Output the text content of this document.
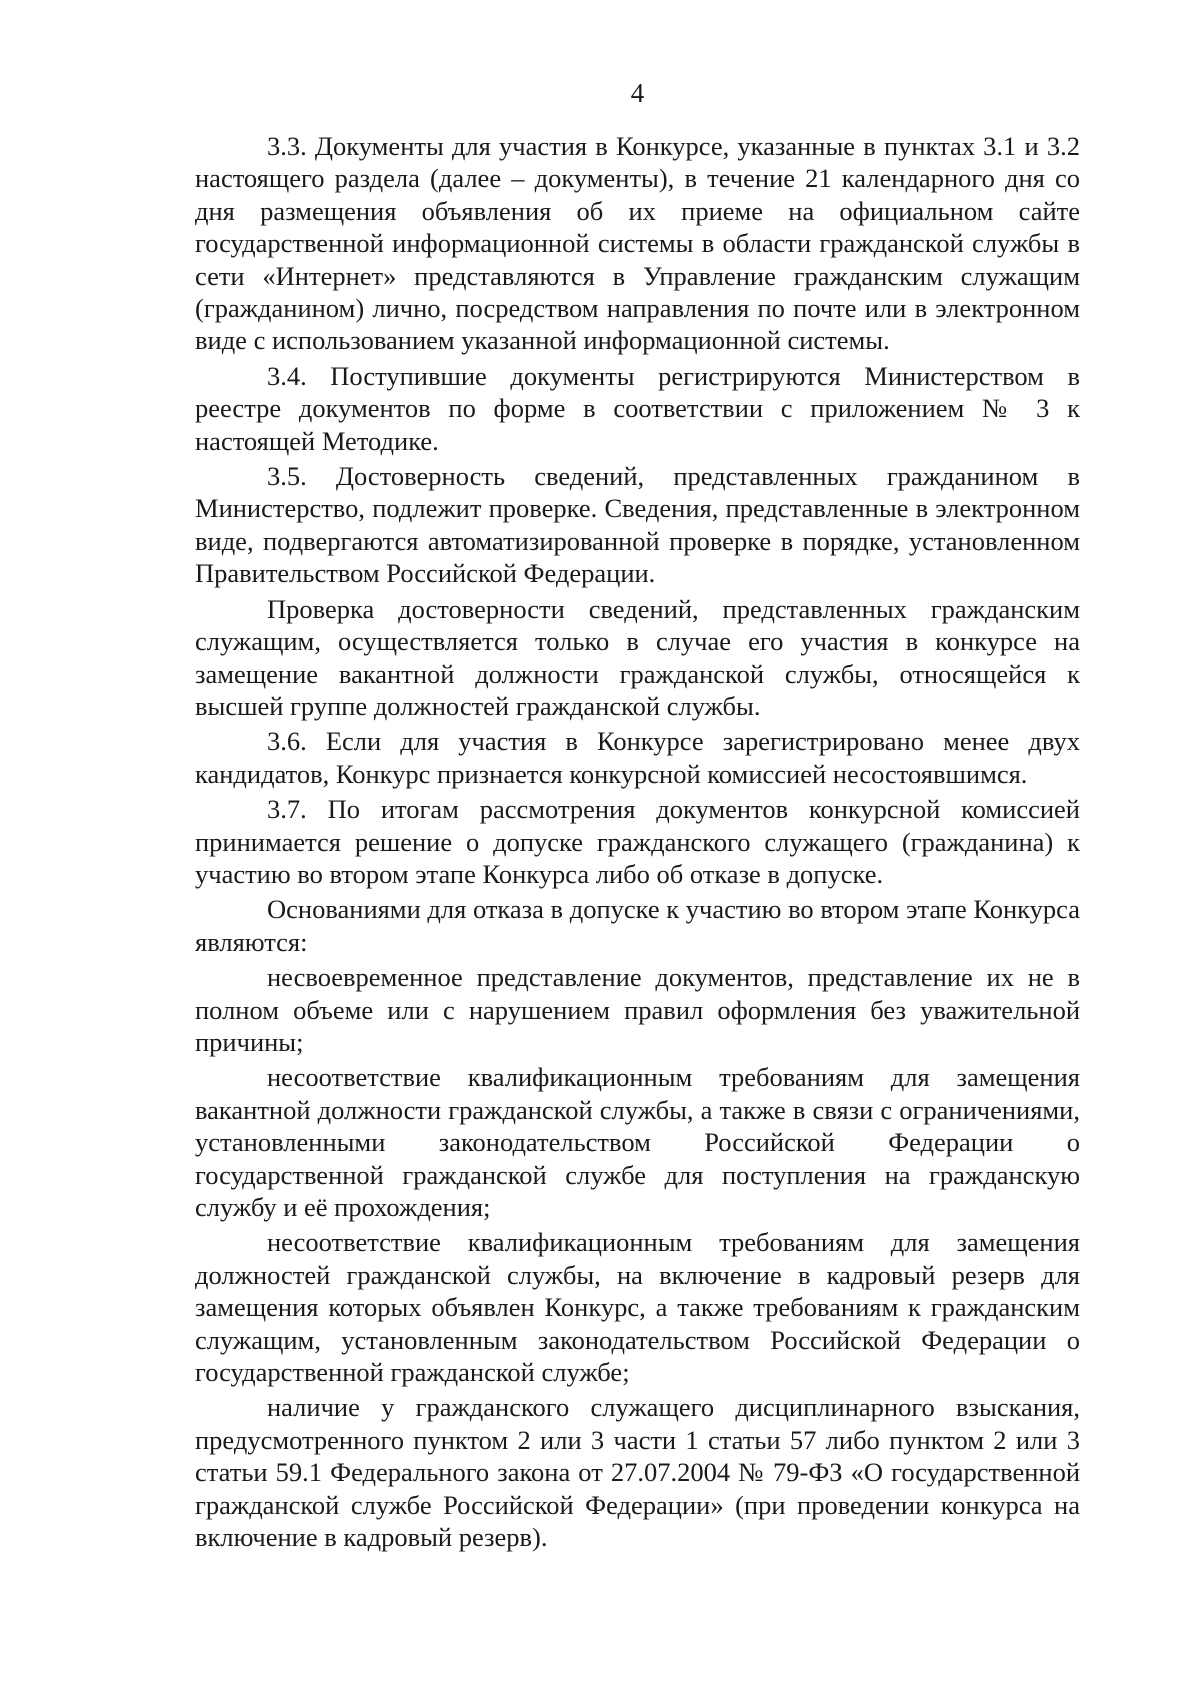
4

3.3. Документы для участия в Конкурсе, указанные в пунктах 3.1 и 3.2 настоящего раздела (далее – документы), в течение 21 календарного дня со дня размещения объявления об их приеме на официальном сайте государственной информационной системы в области гражданской службы в сети «Интернет» представляются в Управление гражданским служащим (гражданином) лично, посредством направления по почте или в электронном виде с использованием указанной информационной системы.

3.4. Поступившие документы регистрируются Министерством в реестре документов по форме в соответствии с приложением № 3 к настоящей Методике.

3.5. Достоверность сведений, представленных гражданином в Министерство, подлежит проверке. Сведения, представленные в электронном виде, подвергаются автоматизированной проверке в порядке, установленном Правительством Российской Федерации.

Проверка достоверности сведений, представленных гражданским служащим, осуществляется только в случае его участия в конкурсе на замещение вакантной должности гражданской службы, относящейся к высшей группе должностей гражданской службы.

3.6. Если для участия в Конкурсе зарегистрировано менее двух кандидатов, Конкурс признается конкурсной комиссией несостоявшимся.

3.7. По итогам рассмотрения документов конкурсной комиссией принимается решение о допуске гражданского служащего (гражданина) к участию во втором этапе Конкурса либо об отказе в допуске.

Основаниями для отказа в допуске к участию во втором этапе Конкурса являются:

несвоевременное представление документов, представление их не в полном объеме или с нарушением правил оформления без уважительной причины;

несоответствие квалификационным требованиям для замещения вакантной должности гражданской службы, а также в связи с ограничениями, установленными законодательством Российской Федерации о государственной гражданской службе для поступления на гражданскую службу и её прохождения;

несоответствие квалификационным требованиям для замещения должностей гражданской службы, на включение в кадровый резерв для замещения которых объявлен Конкурс, а также требованиям к гражданским служащим, установленным законодательством Российской Федерации о государственной гражданской службе;

наличие у гражданского служащего дисциплинарного взыскания, предусмотренного пунктом 2 или 3 части 1 статьи 57 либо пунктом 2 или 3 статьи 59.1 Федерального закона от 27.07.2004 № 79-ФЗ «О государственной гражданской службе Российской Федерации» (при проведении конкурса на включение в кадровый резерв).
